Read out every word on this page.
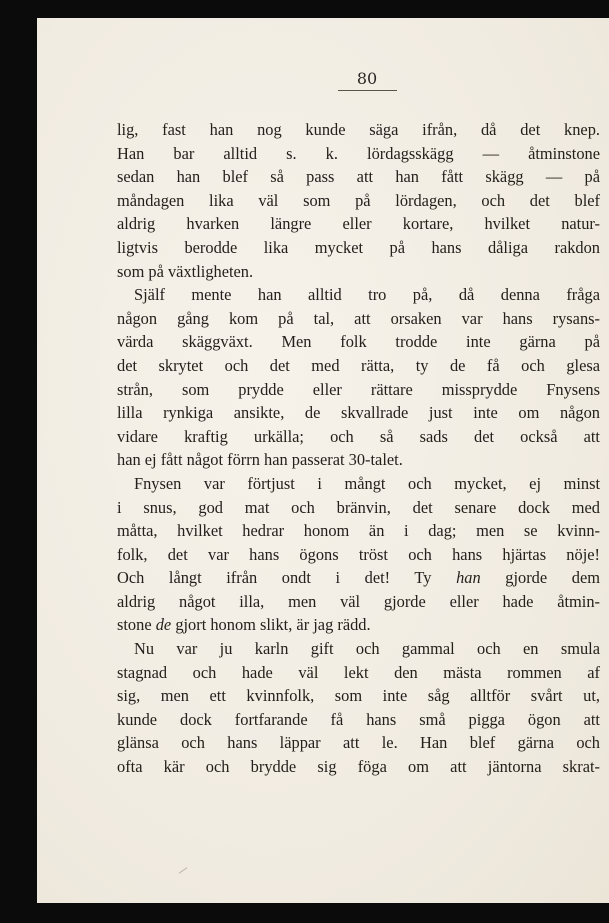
80
lig, fast han nog kunde säga ifrån, då det knep.
Han bar alltid s. k. lördagsskägg — åtminstone
sedan han blef så pass att han fått skägg — på
måndagen lika väl som på lördagen, och det blef
aldrig hvarken längre eller kortare, hvilket natur-
ligtvis berodde lika mycket på hans dåliga rakdon
som på växtligheten.
Själf mente han alltid tro på, då denna fråga
någon gång kom på tal, att orsaken var hans rysans-
värda skäggväxt. Men folk trodde inte gärna på
det skrytet och det med rätta, ty de få och glesa
strån, som prydde eller rättare missprydde Fnysens
lilla rynkiga ansikte, de skvallrade just inte om någon
vidare kraftig urkälla; och så sads det också att
han ej fått något förrn han passerat 30-talet.
Fnysen var förtjust i mångt och mycket, ej minst
i snus, god mat och bränvin, det senare dock med
måtta, hvilket hedrar honom än i dag; men se kvinn-
folk, det var hans ögons tröst och hans hjärtas nöje!
Och långt ifrån ondt i det! Ty han gjorde dem
aldrig något illa, men väl gjorde eller hade åtmin-
stone de gjort honom slikt, är jag rädd.
Nu var ju karln gift och gammal och en smula
stagnad och hade väl lekt den mästa rommen af
sig, men ett kvinnfolk, som inte såg alltför svårt ut,
kunde dock fortfarande få hans små pigga ögon att
glänsa och hans läppar att le. Han blef gärna och
ofta kär och brydde sig föga om att jäntorna skrat-
